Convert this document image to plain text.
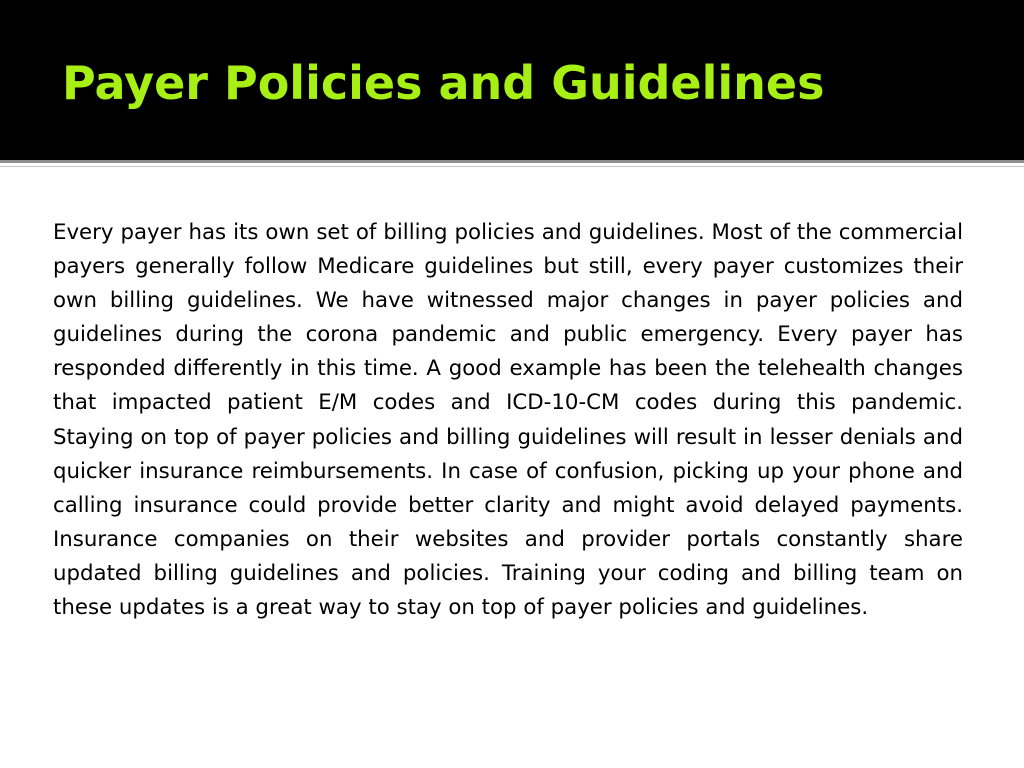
Payer Policies and Guidelines

Every payer has its own set of billing policies and guidelines. Most of the commercial payers generally follow Medicare guidelines but still, every payer customizes their own billing guidelines. We have witnessed major changes in payer policies and guidelines during the corona pandemic and public emergency. Every payer has responded differently in this time. A good example has been the telehealth changes that impacted patient E/M codes and ICD-10-CM codes during this pandemic. Staying on top of payer policies and billing guidelines will result in lesser denials and quicker insurance reimbursements. In case of confusion, picking up your phone and calling insurance could provide better clarity and might avoid delayed payments. Insurance companies on their websites and provider portals constantly share updated billing guidelines and policies. Training your coding and billing team on these updates is a great way to stay on top of payer policies and guidelines.
